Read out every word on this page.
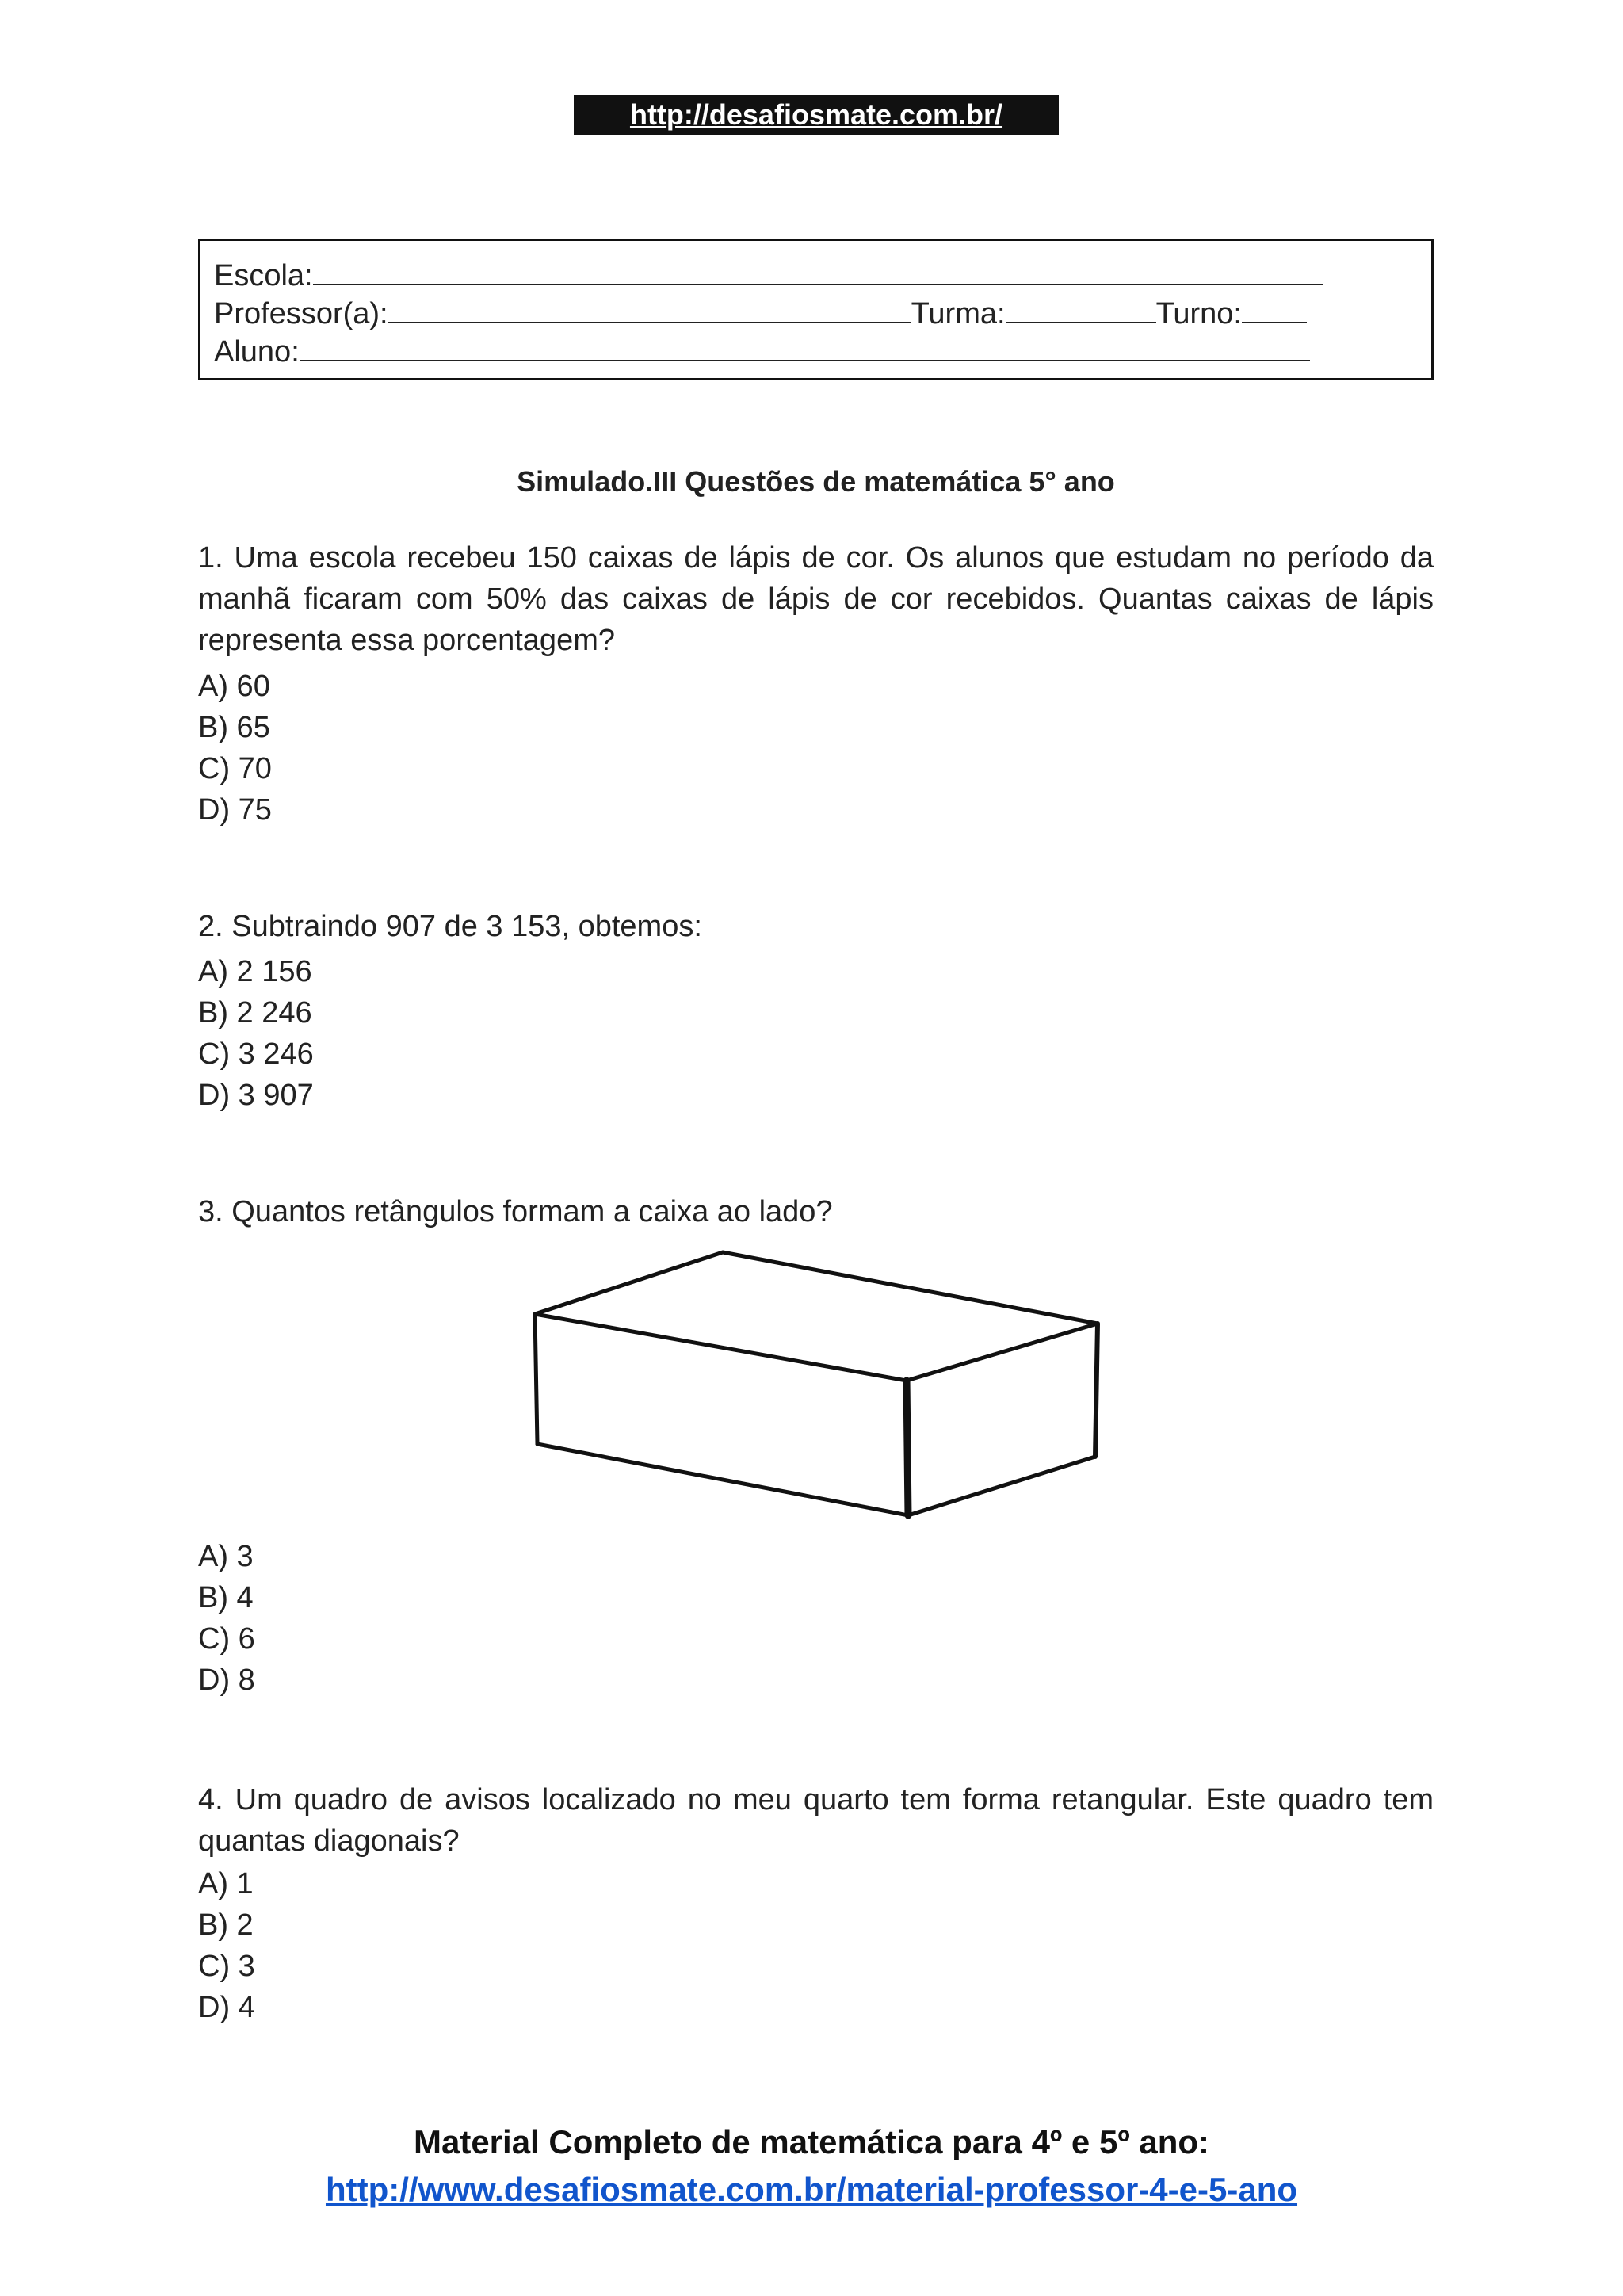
http://desafiosmate.com.br/
Escola:
Professor(a):	Turma:	Turno:
Aluno:
Simulado.III Questões de matemática 5° ano
1. Uma escola recebeu 150 caixas de lápis de cor. Os alunos que estudam no período da manhã ficaram com 50% das caixas de lápis de cor recebidos. Quantas caixas de lápis representa essa porcentagem?
A) 60
B) 65
C) 70
D) 75
2. Subtraindo 907 de 3 153, obtemos:
A) 2 156
B) 2 246
C) 3 246
D) 3 907
3. Quantos retângulos formam a caixa ao lado?
A) 3
B) 4
C) 6
D) 8
4. Um quadro de avisos localizado no meu quarto tem forma retangular. Este quadro tem quantas diagonais?
A) 1
B) 2
C) 3
D) 4
Material Completo de matemática para 4º e 5º ano:
http://www.desafiosmate.com.br/material-professor-4-e-5-ano
